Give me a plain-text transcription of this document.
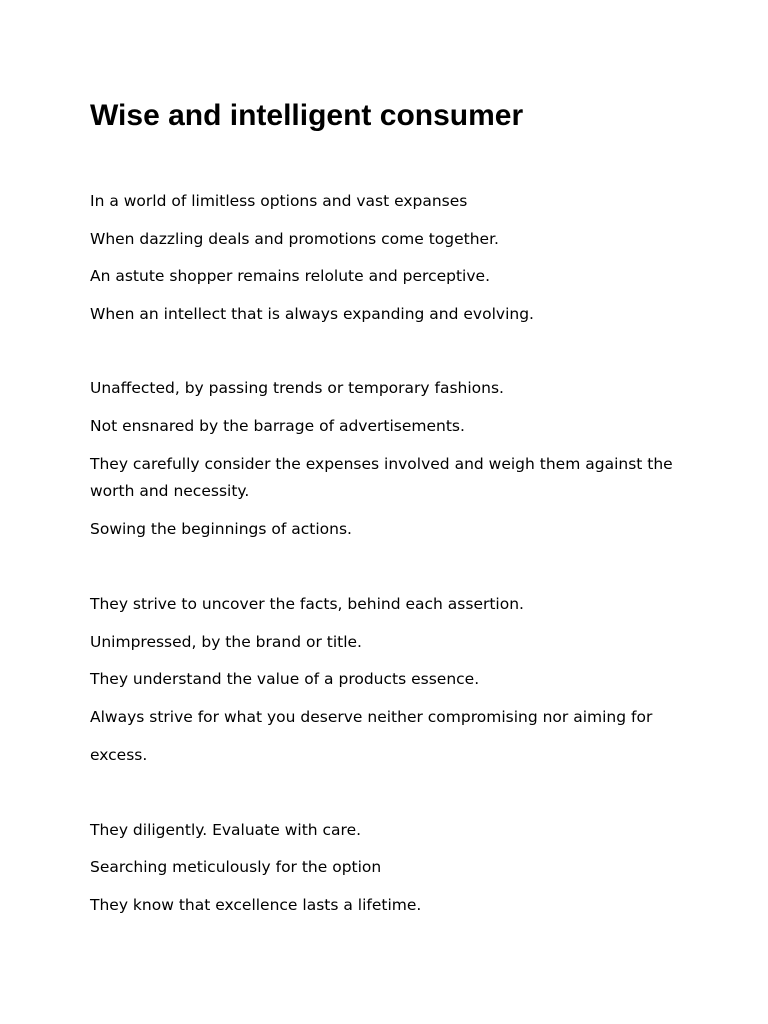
Wise and intelligent consumer

In a world of limitless options and vast expanses

When dazzling deals and promotions come together.

An astute shopper remains relolute and perceptive.

When an intellect that is always expanding and evolving.

Unaffected, by passing trends or temporary fashions.

Not ensnared by the barrage of advertisements.

They carefully consider the expenses involved and weigh them against the worth and necessity.

Sowing the beginnings of actions.

They strive to uncover the facts, behind each assertion.

Unimpressed, by the brand or title.

They understand the value of a products essence.

Always strive for what you deserve neither compromising nor aiming for

excess.

They diligently. Evaluate with care.

Searching meticulously for the option

They know that excellence lasts a lifetime.
